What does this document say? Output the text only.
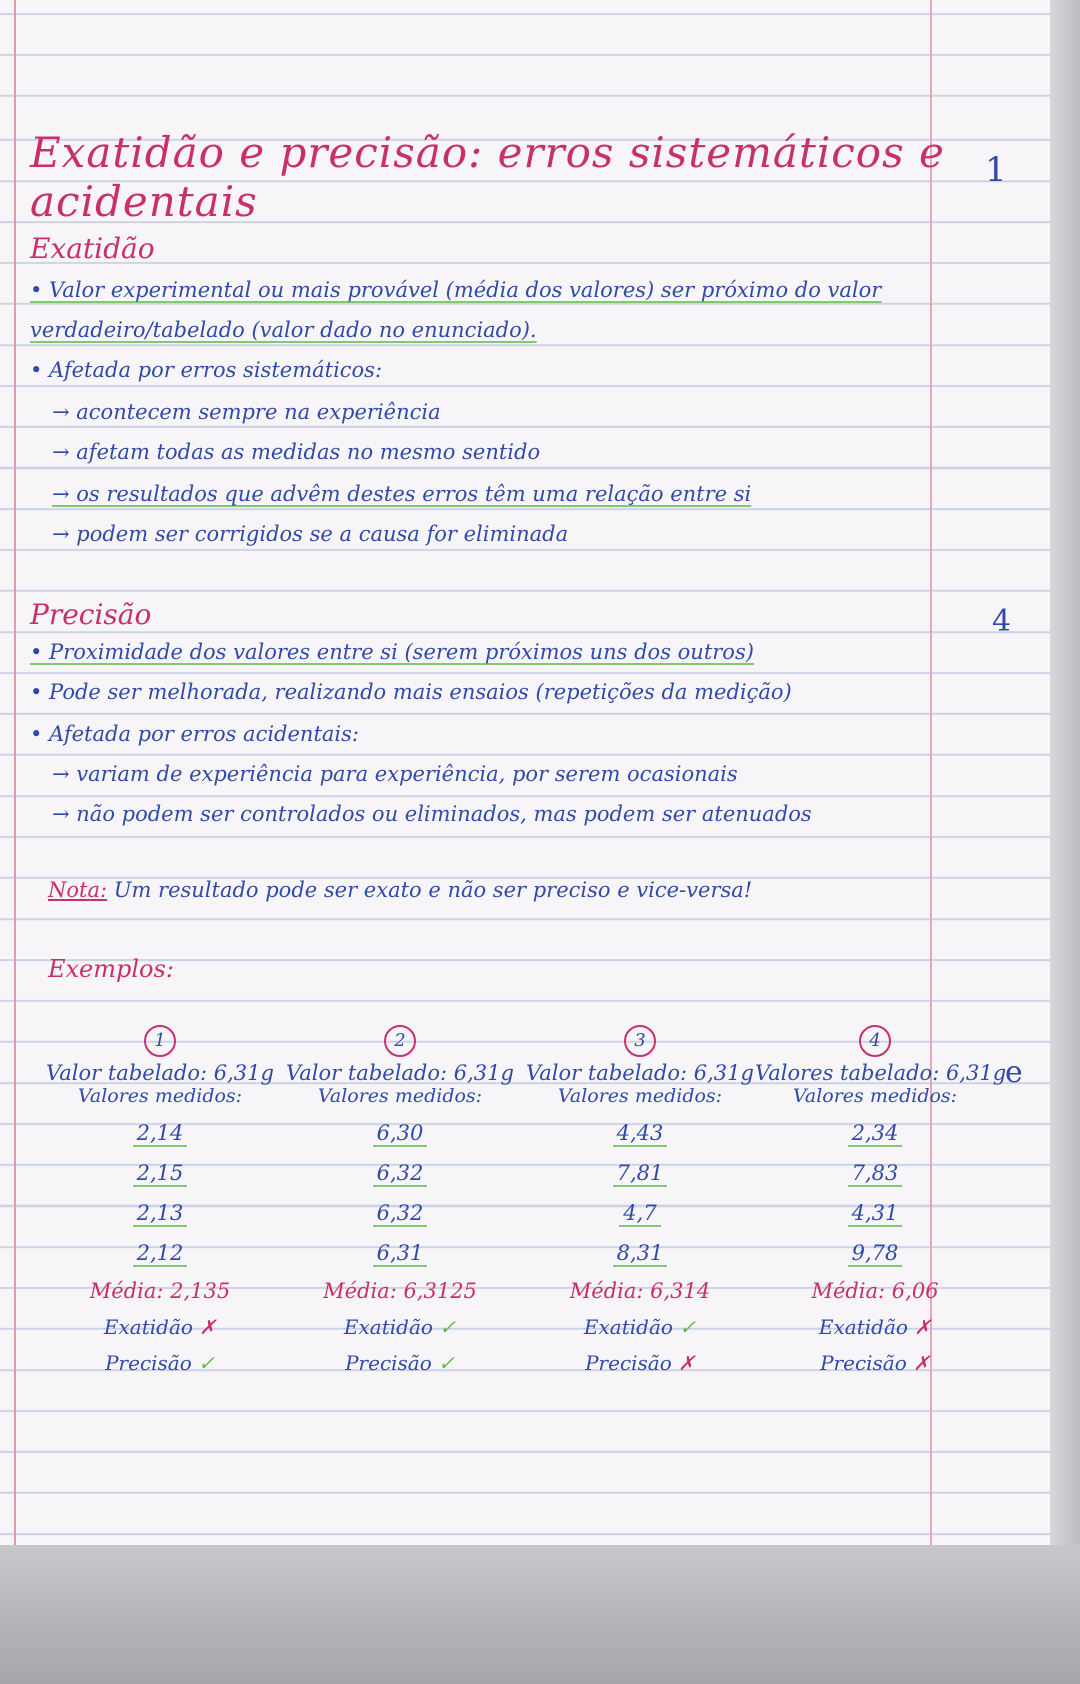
Exatidão e precisão: erros sistemáticos e acidentais
1
Exatidão
• Valor experimental ou mais provável (média dos valores) ser próximo do valor
verdadeiro/tabelado (valor dado no enunciado).
• Afetada por erros sistemáticos:
→ acontecem sempre na experiência
→ afetam todas as medidas no mesmo sentido
→ os resultados que advêm destes erros têm uma relação entre si
→ podem ser corrigidos se a causa for eliminada
Precisão	4
• Proximidade dos valores entre si (serem próximos uns dos outros)
• Pode ser melhorada, realizando mais ensaios (repetições da medição)
• Afetada por erros acidentais:
→ variam de experiência para experiência, por serem ocasionais
→ não podem ser controlados ou eliminados, mas podem ser atenuados
Nota: Um resultado pode ser exato e não ser preciso e vice-versa!
Exemplos:
1
Valor tabelado: 6,31g
Valores medidos:
2,14
2,15
2,13
2,12
Média: 2,135
Exatidão ✗
Precisão ✓
2
Valor tabelado: 6,31g
Valores medidos:
6,30
6,32
6,32
6,31
Média: 6,3125
Exatidão ✓
Precisão ✓
3
Valor tabelado: 6,31g
Valores medidos:
4,43
7,81
4,7
8,31
Média: 6,314
Exatidão ✓
Precisão ✗
4
Valores tabelado: 6,31g
Valores medidos:
2,34
7,83
4,31
9,78
Média: 6,06
Exatidão ✗
Precisão ✗
e
